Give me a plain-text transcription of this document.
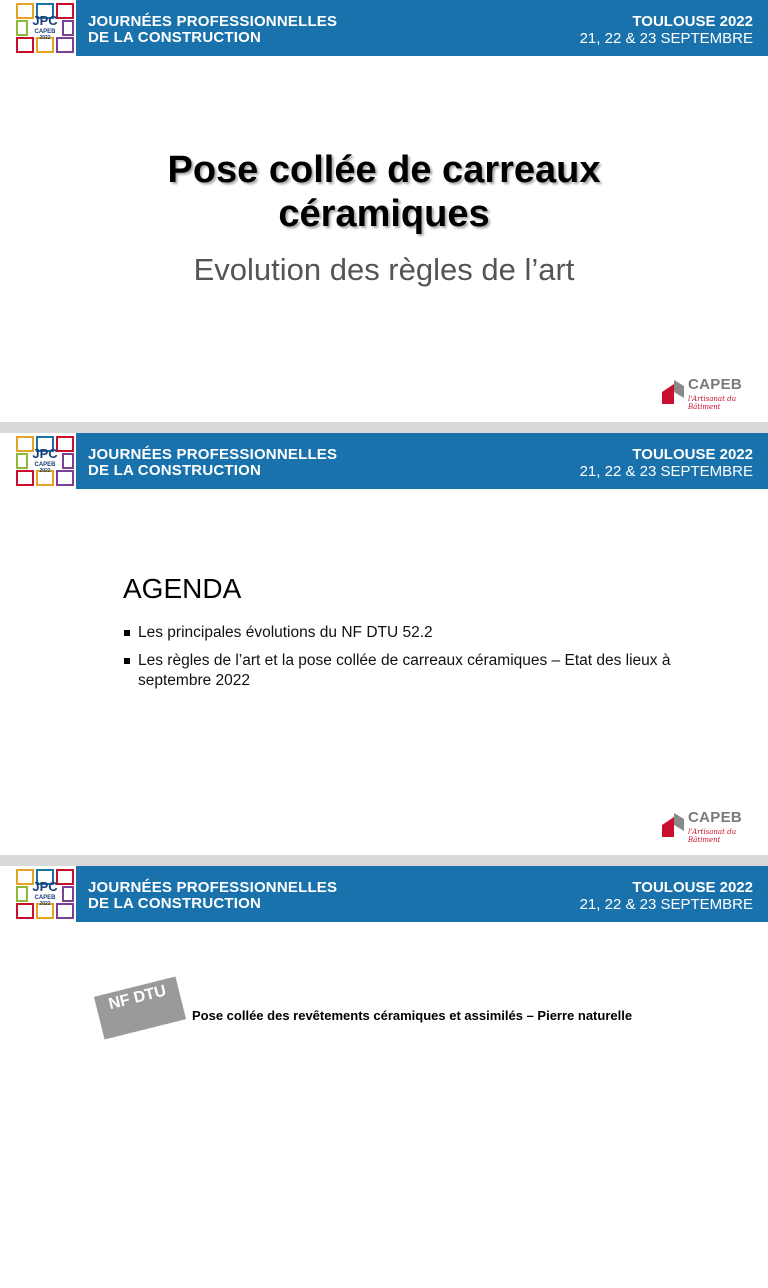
JPC
CAPEB
2022
JOURNÉES PROFESSIONNELLES
DE LA CONSTRUCTION
TOULOUSE 2022
21, 22 & 23 SEPTEMBRE
Pose collée de carreaux
céramiques
Evolution des règles de l’art
CAPEB
l'Artisanat du Bâtiment
JPC
CAPEB
2022
JOURNÉES PROFESSIONNELLES
DE LA CONSTRUCTION
TOULOUSE 2022
21, 22 & 23 SEPTEMBRE
AGENDA
Les principales évolutions du NF DTU 52.2
Les règles de l’art et la pose collée de carreaux céramiques – Etat des lieux à septembre 2022
CAPEB
l'Artisanat du Bâtiment
JPC
CAPEB
2022
JOURNÉES PROFESSIONNELLES
DE LA CONSTRUCTION
TOULOUSE 2022
21, 22 & 23 SEPTEMBRE
NF DTU
Pose collée des revêtements céramiques et assimilés – Pierre naturelle
